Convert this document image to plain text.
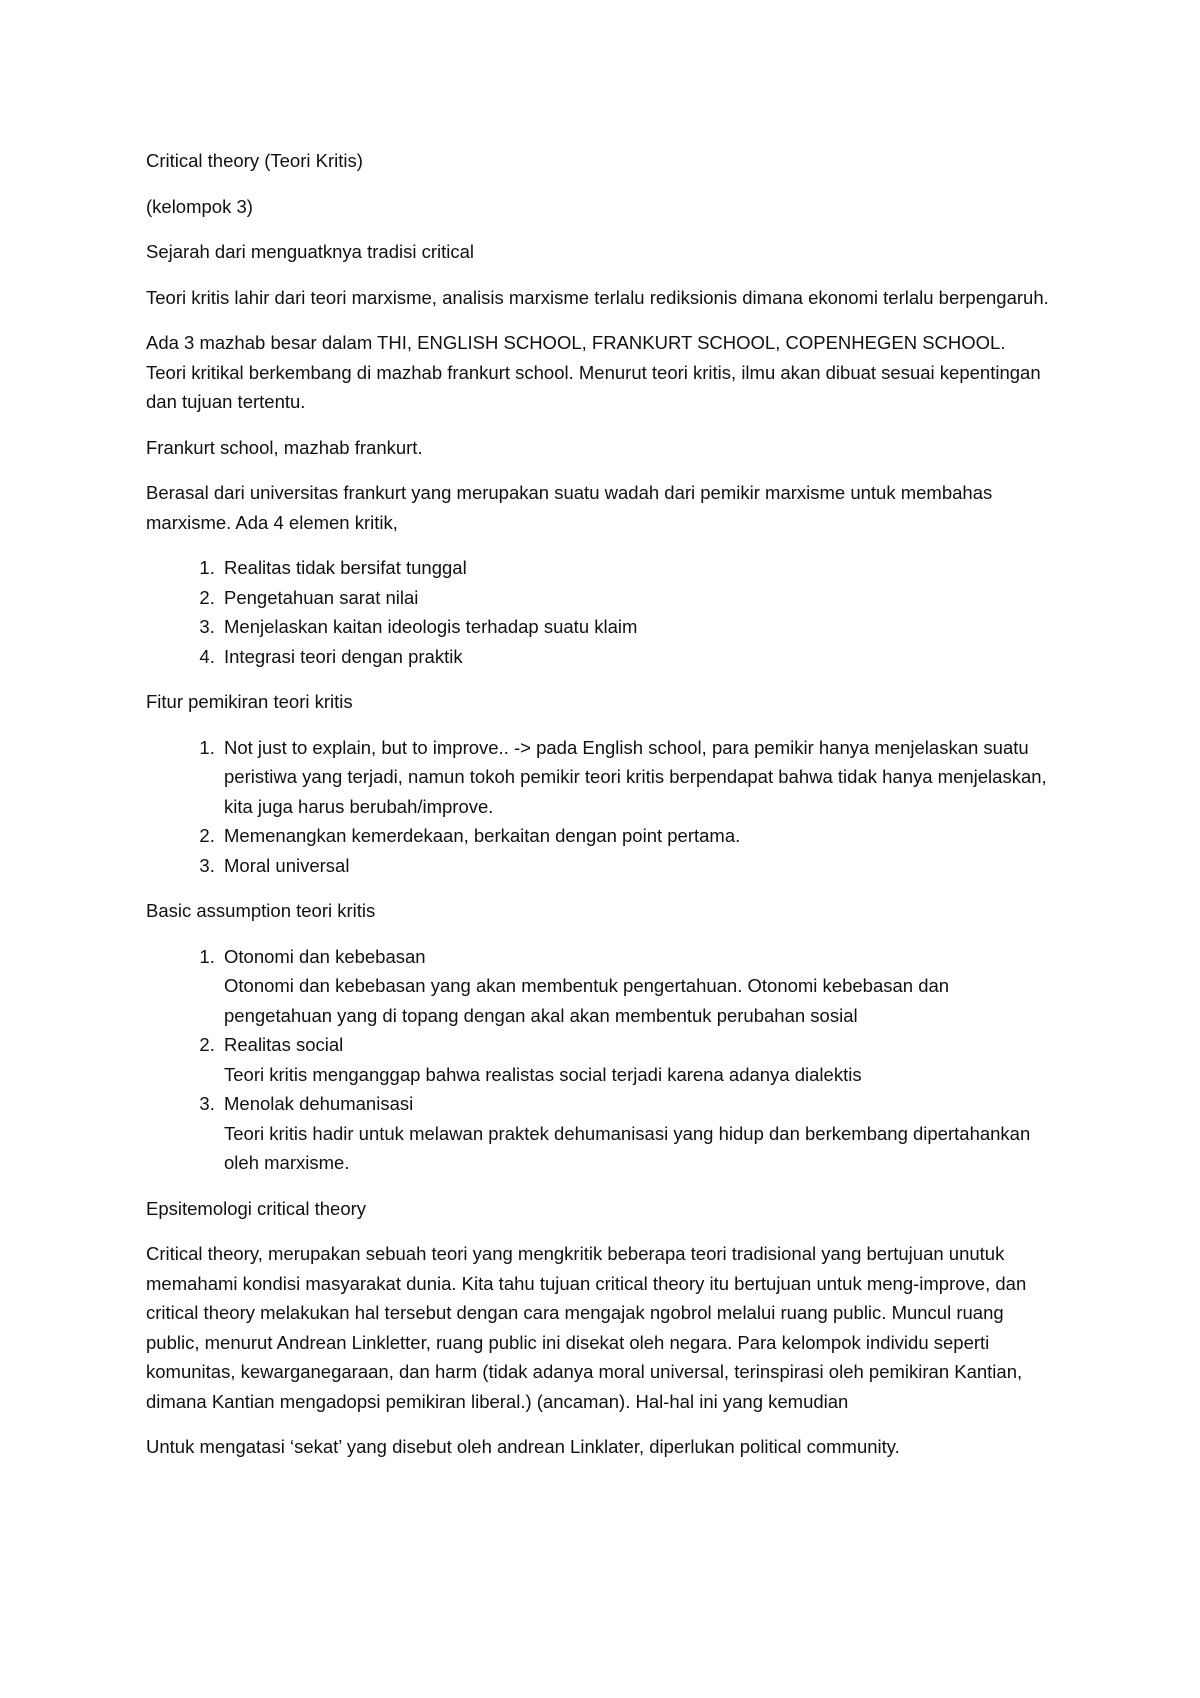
Critical theory (Teori Kritis)

(kelompok 3)

Sejarah dari menguatknya tradisi critical

Teori kritis lahir dari teori marxisme, analisis marxisme terlalu rediksionis dimana ekonomi terlalu berpengaruh.

Ada 3 mazhab besar dalam THI, ENGLISH SCHOOL, FRANKURT SCHOOL, COPENHEGEN SCHOOL. Teori kritikal berkembang di mazhab frankurt school. Menurut teori kritis, ilmu akan dibuat sesuai kepentingan dan tujuan tertentu.

Frankurt school, mazhab frankurt.

Berasal dari universitas frankurt yang merupakan suatu wadah dari pemikir marxisme untuk membahas marxisme. Ada 4 elemen kritik,

1. Realitas tidak bersifat tunggal
2. Pengetahuan sarat nilai
3. Menjelaskan kaitan ideologis terhadap suatu klaim
4. Integrasi teori dengan praktik

Fitur pemikiran teori kritis

1. Not just to explain, but to improve.. -> pada English school, para pemikir hanya menjelaskan suatu peristiwa yang terjadi, namun tokoh pemikir teori kritis berpendapat bahwa tidak hanya menjelaskan, kita juga harus berubah/improve.
2. Memenangkan kemerdekaan, berkaitan dengan point pertama.
3. Moral universal

Basic assumption teori kritis

1. Otonomi dan kebebasan
Otonomi dan kebebasan yang akan membentuk pengertahuan. Otonomi kebebasan dan pengetahuan yang di topang dengan akal akan membentuk perubahan sosial
2. Realitas social
Teori kritis menganggap bahwa realistas social terjadi karena adanya dialektis
3. Menolak dehumanisasi
Teori kritis hadir untuk melawan praktek dehumanisasi yang hidup dan berkembang dipertahankan oleh marxisme.

Epsitemologi critical theory

Critical theory, merupakan sebuah teori yang mengkritik beberapa teori tradisional yang bertujuan unutuk memahami kondisi masyarakat dunia. Kita tahu tujuan critical theory itu bertujuan untuk meng-improve, dan critical theory melakukan hal tersebut dengan cara mengajak ngobrol melalui ruang public. Muncul ruang public, menurut Andrean Linkletter, ruang public ini disekat oleh negara. Para kelompok individu seperti komunitas, kewarganegaraan, dan harm (tidak adanya moral universal, terinspirasi oleh pemikiran Kantian, dimana Kantian mengadopsi pemikiran liberal.) (ancaman). Hal-hal ini yang kemudian

Untuk mengatasi ‘sekat’ yang disebut oleh andrean Linklater, diperlukan political community.
